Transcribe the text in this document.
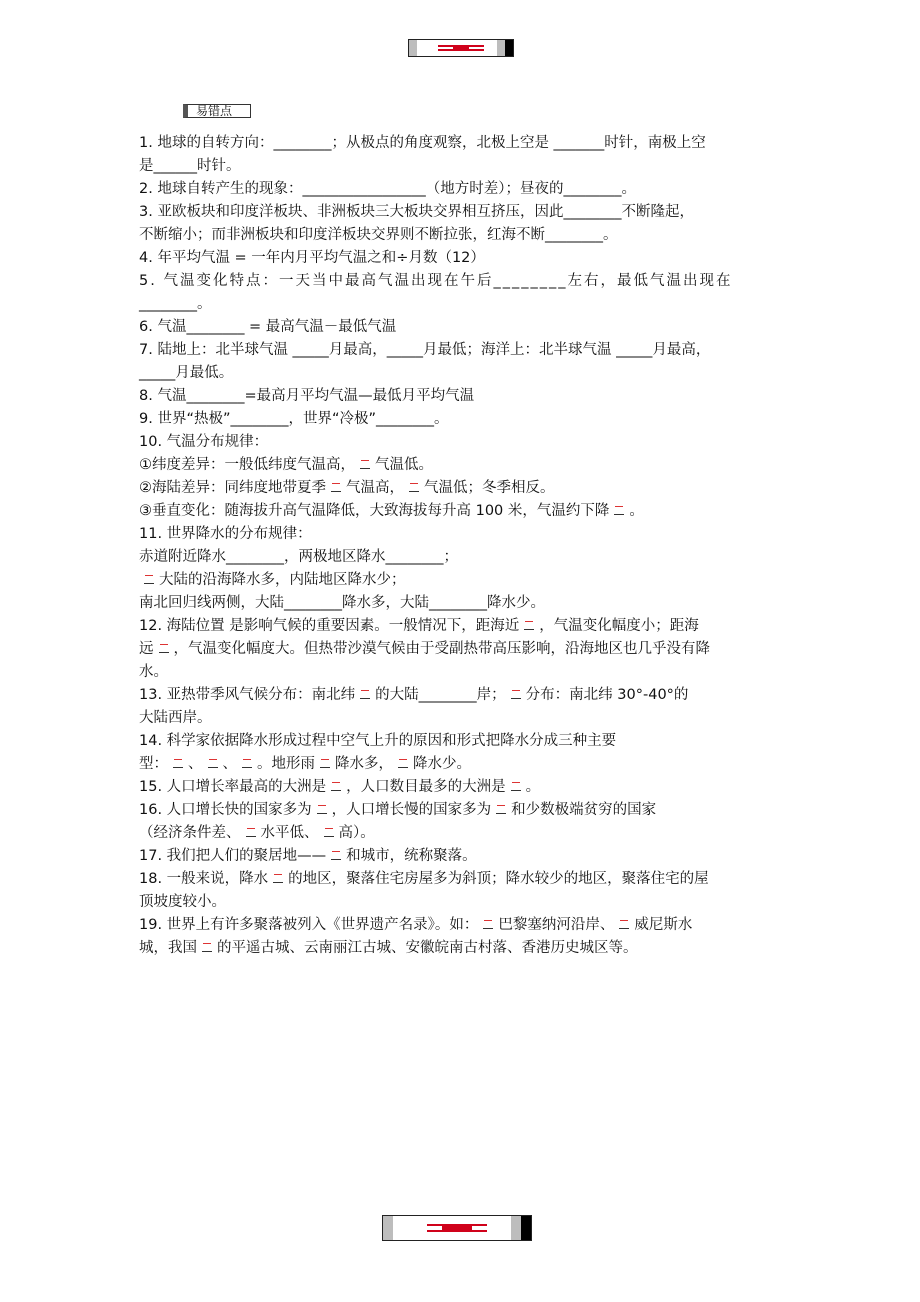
易错点
1. 地球的自转方向：________；从极点的角度观察，北极上空是 _______时针，南极上空
是______时针。
2. 地球自转产生的现象：_________________（地方时差）；昼夜的________。
3. 亚欧板块和印度洋板块、非洲板块三大板块交界相互挤压，因此________不断隆起，
不断缩小；而非洲板块和印度洋板块交界则不断拉张，红海不断________。
4. 年平均气温 = 一年内月平均气温之和÷月数（12）
5. 气温变化特点：一天当中最高气温出现在午后________左右，最低气温出现在
________。
6. 气温________ = 最高气温－最低气温
7. 陆地上：北半球气温 _____月最高，_____月最低；海洋上：北半球气温 _____月最高，
_____月最低。
8. 气温________=最高月平均气温—最低月平均气温
9. 世界“热极”________，世界“冷极”________。
10. 气温分布规律：
①纬度差异：一般低纬度气温高， 气温低。
②海陆差异：同纬度地带夏季 气温高， 气温低；冬季相反。
③垂直变化：随海拔升高气温降低，大致海拔每升高 100 米，气温约下降 。
11. 世界降水的分布规律：
赤道附近降水________，两极地区降水________；
大陆的沿海降水多，内陆地区降水少；
南北回归线两侧，大陆________降水多，大陆________降水少。
12. 海陆位置 是影响气候的重要因素。一般情况下，距海近 ，气温变化幅度小；距海
远 ，气温变化幅度大。但热带沙漠气候由于受副热带高压影响，沿海地区也几乎没有降
水。
13. 亚热带季风气候分布：南北纬 的大陆________岸； 分布：南北纬 30°-40°的
大陆西岸。
14. 科学家依据降水形成过程中空气上升的原因和形式把降水分成三种主要
型： 、 、 。地形雨 降水多， 降水少。
15. 人口增长率最高的大洲是 ，人口数目最多的大洲是 。
16. 人口增长快的国家多为 ，人口增长慢的国家多为 和少数极端贫穷的国家
（经济条件差、 水平低、 高）。
17. 我们把人们的聚居地—— 和城市，统称聚落。
18. 一般来说，降水 的地区，聚落住宅房屋多为斜顶；降水较少的地区，聚落住宅的屋
顶坡度较小。
19. 世界上有许多聚落被列入《世界遗产名录》。如： 巴黎塞纳河沿岸、 威尼斯水
城，我国 的平遥古城、云南丽江古城、安徽皖南古村落、香港历史城区等。
